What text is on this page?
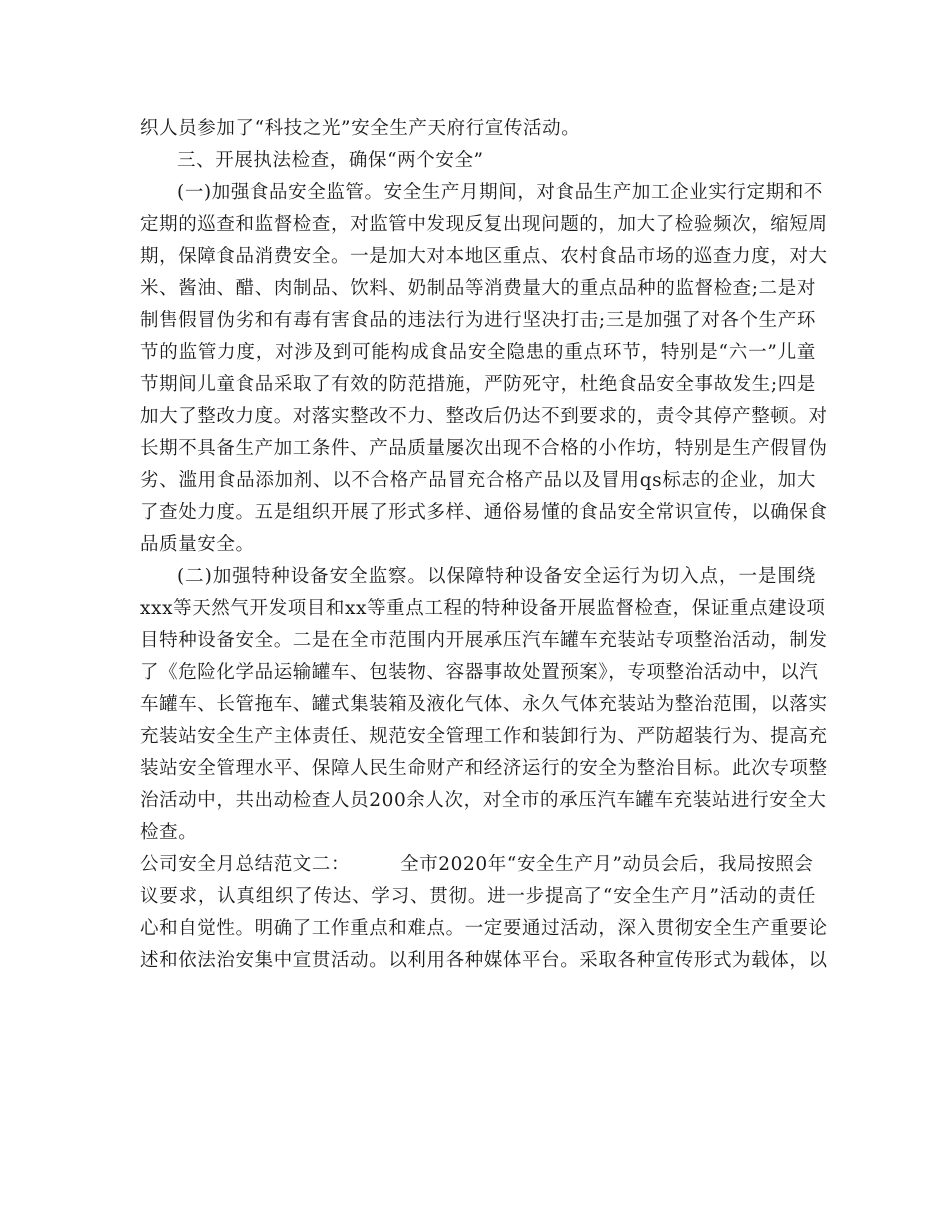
织人员参加了“科技之光”安全生产天府行宣传活动。
三、开展执法检查，确保“两个安全”
(一)加强食品安全监管。安全生产月期间，对食品生产加工企业实行定期和不
定期的巡查和监督检查，对监管中发现反复出现问题的，加大了检验频次，缩短周
期，保障食品消费安全。一是加大对本地区重点、农村食品市场的巡查力度，对大
米、酱油、醋、肉制品、饮料、奶制品等消费量大的重点品种的监督检查;二是对
制售假冒伪劣和有毒有害食品的违法行为进行坚决打击;三是加强了对各个生产环
节的监管力度，对涉及到可能构成食品安全隐患的重点环节，特别是“六一”儿童
节期间儿童食品采取了有效的防范措施，严防死守，杜绝食品安全事故发生;四是
加大了整改力度。对落实整改不力、整改后仍达不到要求的，责令其停产整顿。对
长期不具备生产加工条件、产品质量屡次出现不合格的小作坊，特别是生产假冒伪
劣、滥用食品添加剂、以不合格产品冒充合格产品以及冒用qs标志的企业，加大
了查处力度。五是组织开展了形式多样、通俗易懂的食品安全常识宣传，以确保食
品质量安全。
(二)加强特种设备安全监察。以保障特种设备安全运行为切入点，一是围绕
xxx等天然气开发项目和xx等重点工程的特种设备开展监督检查，保证重点建设项
目特种设备安全。二是在全市范围内开展承压汽车罐车充装站专项整治活动，制发
了《危险化学品运输罐车、包装物、容器事故处置预案》，专项整治活动中，以汽
车罐车、长管拖车、罐式集装箱及液化气体、永久气体充装站为整治范围，以落实
充装站安全生产主体责任、规范安全管理工作和装卸行为、严防超装行为、提高充
装站安全管理水平、保障人民生命财产和经济运行的安全为整治目标。此次专项整
治活动中，共出动检查人员200余人次，对全市的承压汽车罐车充装站进行安全大
检查。
公司安全月总结范文二：	全市2020年“安全生产月”动员会后，我局按照会
议要求，认真组织了传达、学习、贯彻。进一步提高了“安全生产月”活动的责任
心和自觉性。明确了工作重点和难点。一定要通过活动，深入贯彻安全生产重要论
述和依法治安集中宣贯活动。以利用各种媒体平台。采取各种宣传形式为载体，以
